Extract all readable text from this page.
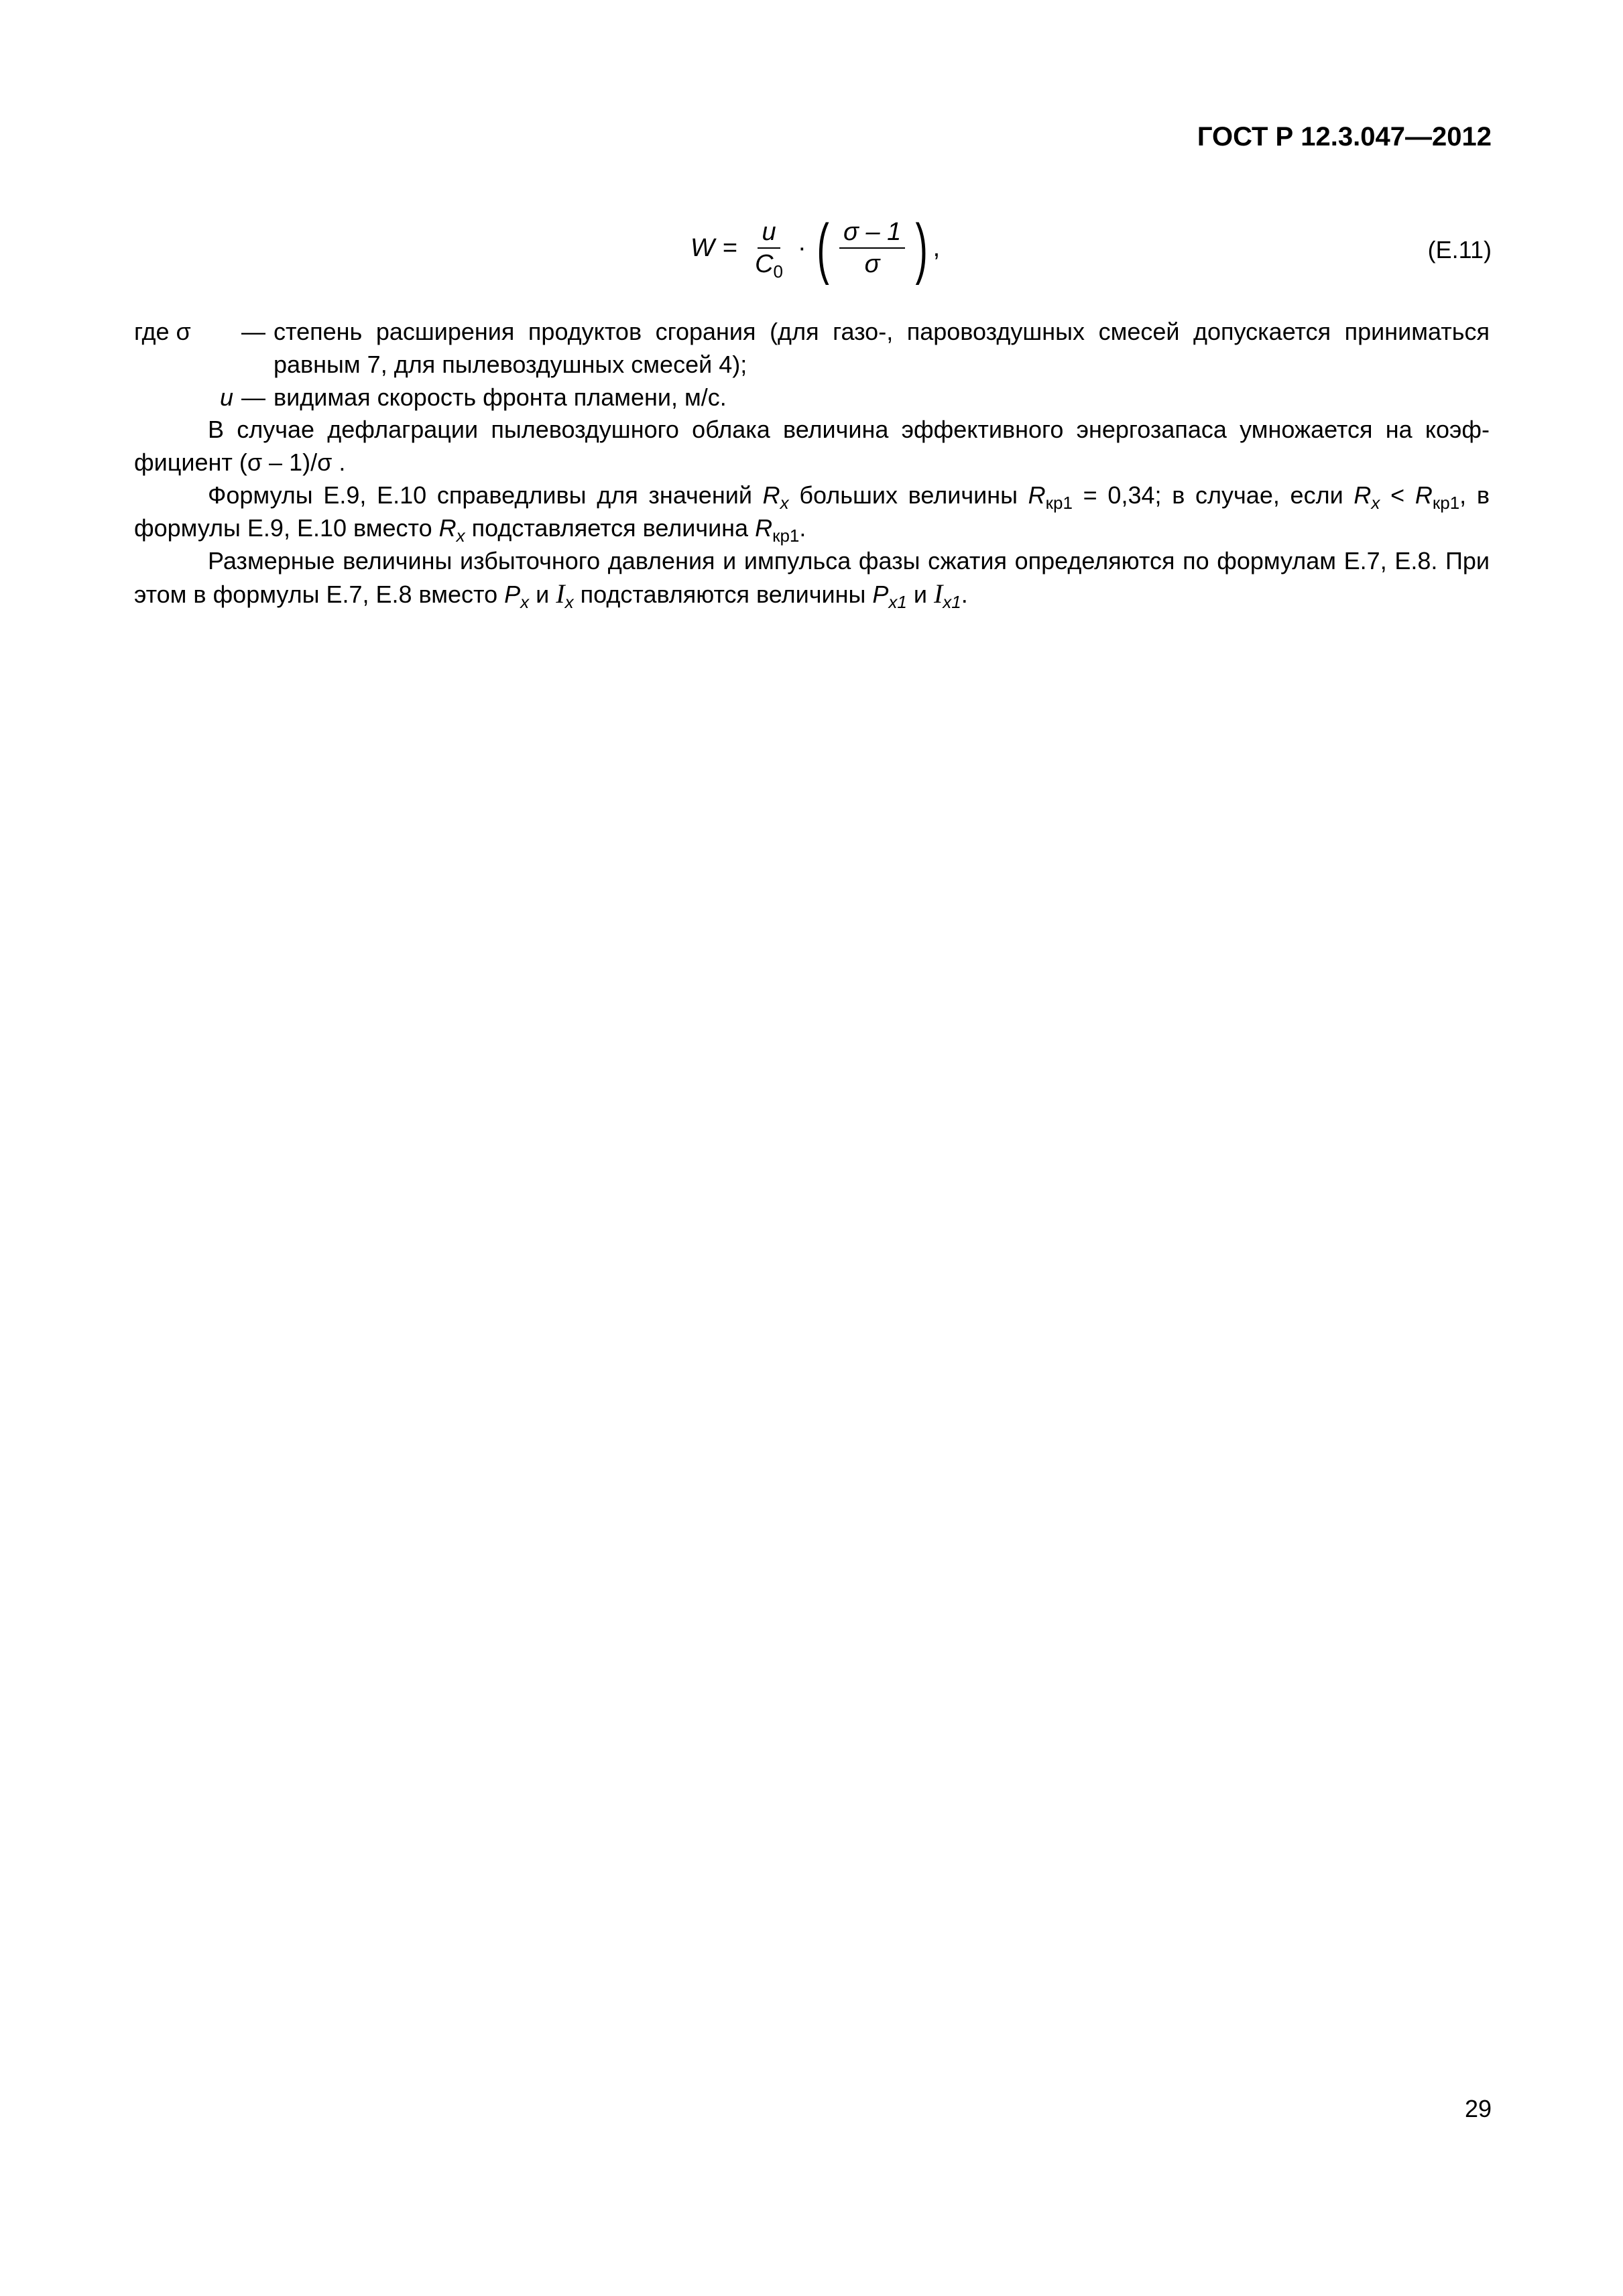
ГОСТ Р 12.3.047—2012
$W = \frac{u}{C_0}$ · ( $\frac{\sigma - 1}{\sigma}$ ) ,	(Е.11)
где σ	— степень расширения продуктов сгорания (для газо-, паровоздушных смесей допускается приниматься равным 7, для пылевоздушных смесей 4);
u — видимая скорость фронта пламени, м/с.

В случае дефлаграции пылевоздушного облака величина эффективного энергозапаса умножается на коэф-фициент (σ – 1)/σ .

Формулы Е.9, Е.10 справедливы для значений $R_x$ больших величины $R_{кр1} = 0,34$; в случае, если $R_x < R_{кр1}$, в формулы Е.9, Е.10 вместо $R_x$ подставляется величина $R_{кр1}$.

Размерные величины избыточного давления и импульса фазы сжатия определяются по формулам Е.7, Е.8. При этом в формулы Е.7, Е.8 вместо $P_x$ и $I_x$ подставляются величины $P_{x1}$ и $I_{x1}$.

29
